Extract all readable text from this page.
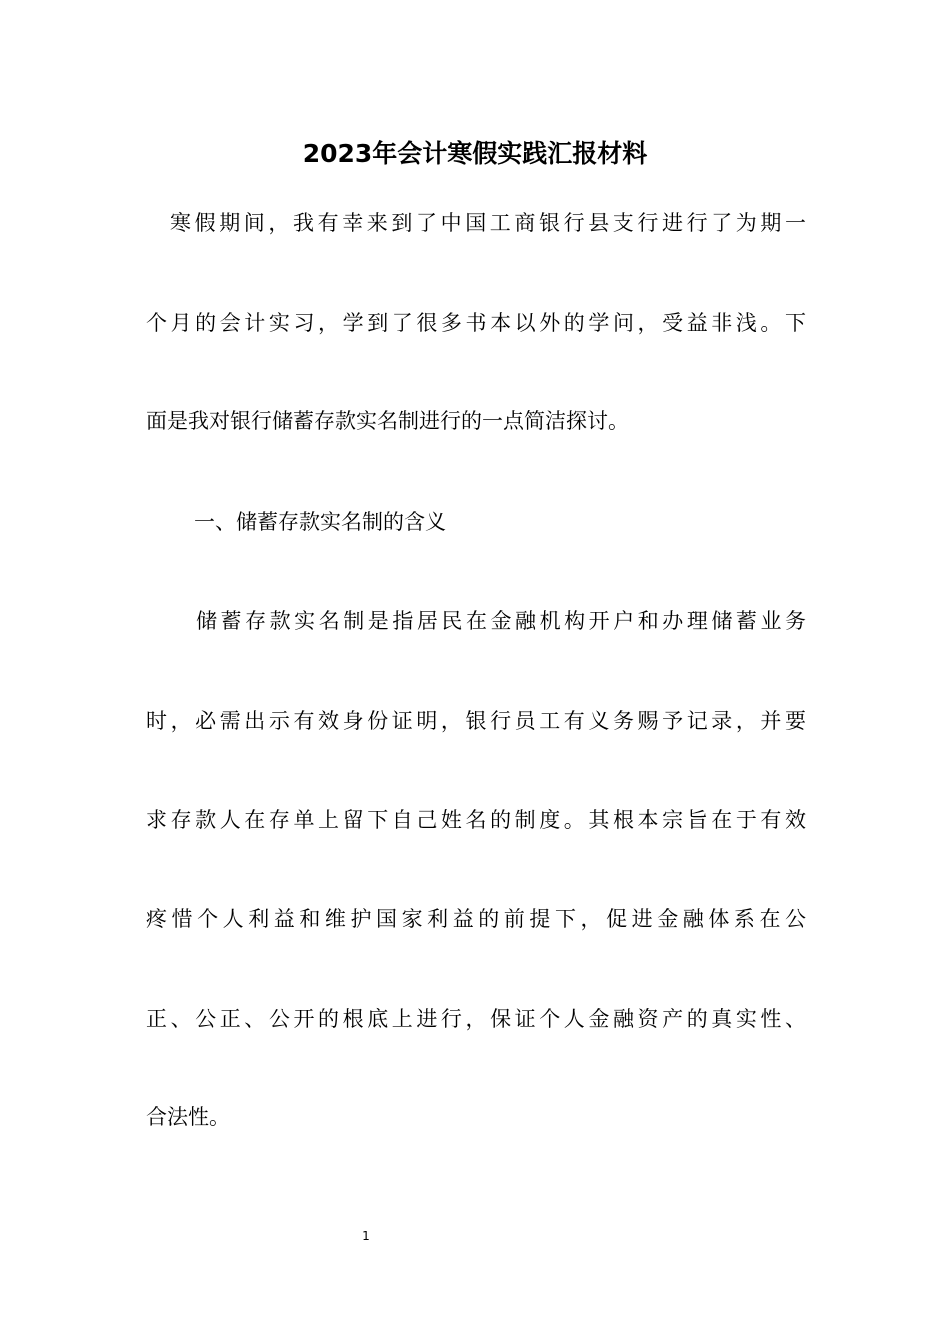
2023年会计寒假实践汇报材料

寒假期间，我有幸来到了中国工商银行县支行进行了为期一

个月的会计实习，学到了很多书本以外的学问，受益非浅。下

面是我对银行储蓄存款实名制进行的一点简洁探讨。

一、储蓄存款实名制的含义

储蓄存款实名制是指居民在金融机构开户和办理储蓄业务

时，必需出示有效身份证明，银行员工有义务赐予记录，并要

求存款人在存单上留下自己姓名的制度。其根本宗旨在于有效

疼惜个人利益和维护国家利益的前提下，促进金融体系在公

正、公正、公开的根底上进行，保证个人金融资产的真实性、

合法性。

1
